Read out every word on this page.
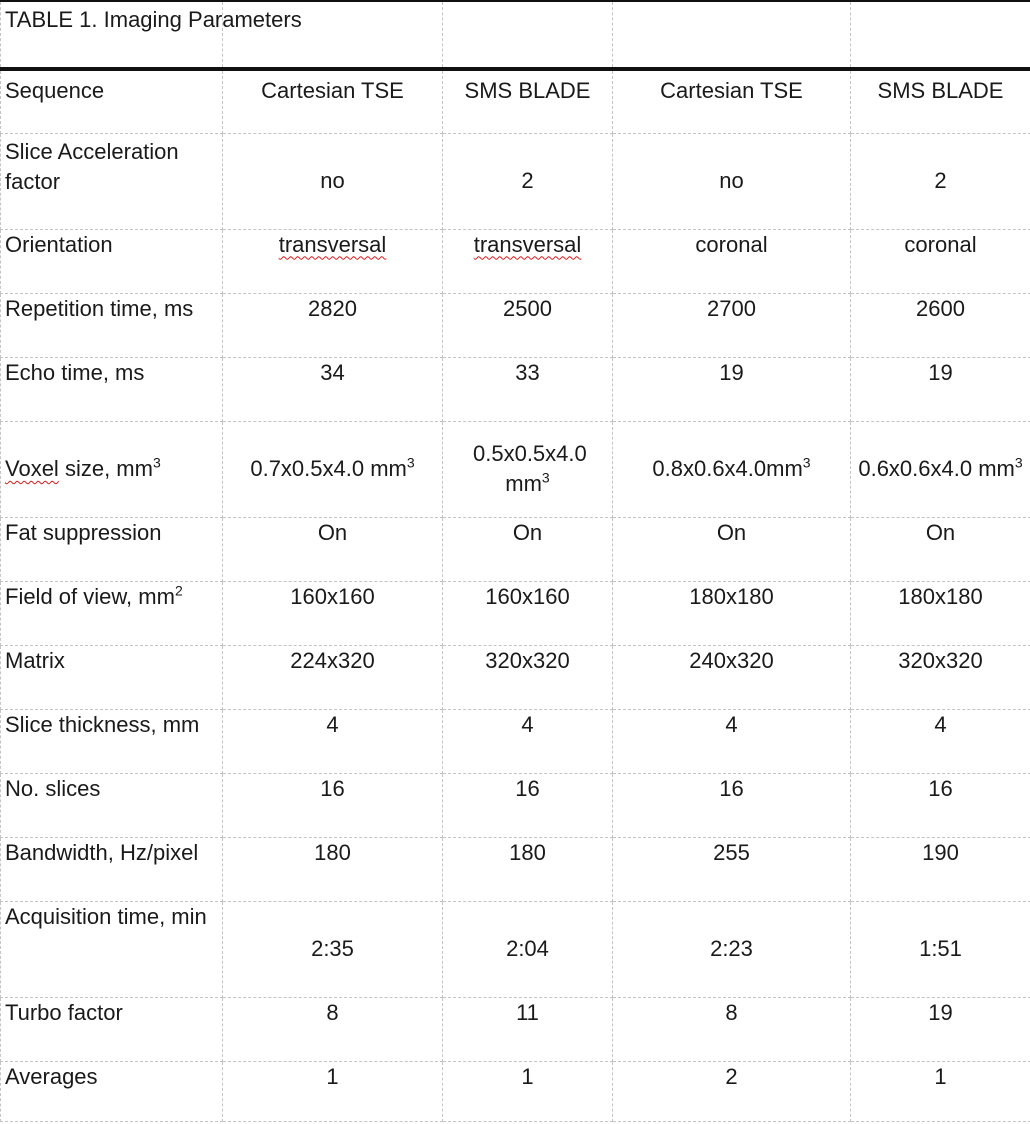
TABLE 1. Imaging Parameters				
Sequence	Cartesian TSE	SMS BLADE	Cartesian TSE	SMS BLADE
Slice Acceleration factor	no	2	no	2
Orientation	transversal	transversal	coronal	coronal
Repetition time, ms	2820	2500	2700	2600
Echo time, ms	34	33	19	19
Voxel size, $mm^3$	0.7x0.5x4.0 $mm^3$	0.5x0.5x4.0 $mm^3$	$0.8x0.6x4.0mm^3$	0.6x0.6x4.0 $mm^3$
Fat suppression	On	On	On	On
Field of view, $mm^2$	160x160	160x160	180x180	180x180
Matrix	224x320	320x320	240x320	320x320
Slice thickness, mm	4	4	4	4
No. slices	16	16	16	16
Bandwidth, Hz/pixel	180	180	255	190
Acquisition time, min	2:35	2:04	2:23	1:51
Turbo factor	8	11	8	19
Averages	1	1	2	1
